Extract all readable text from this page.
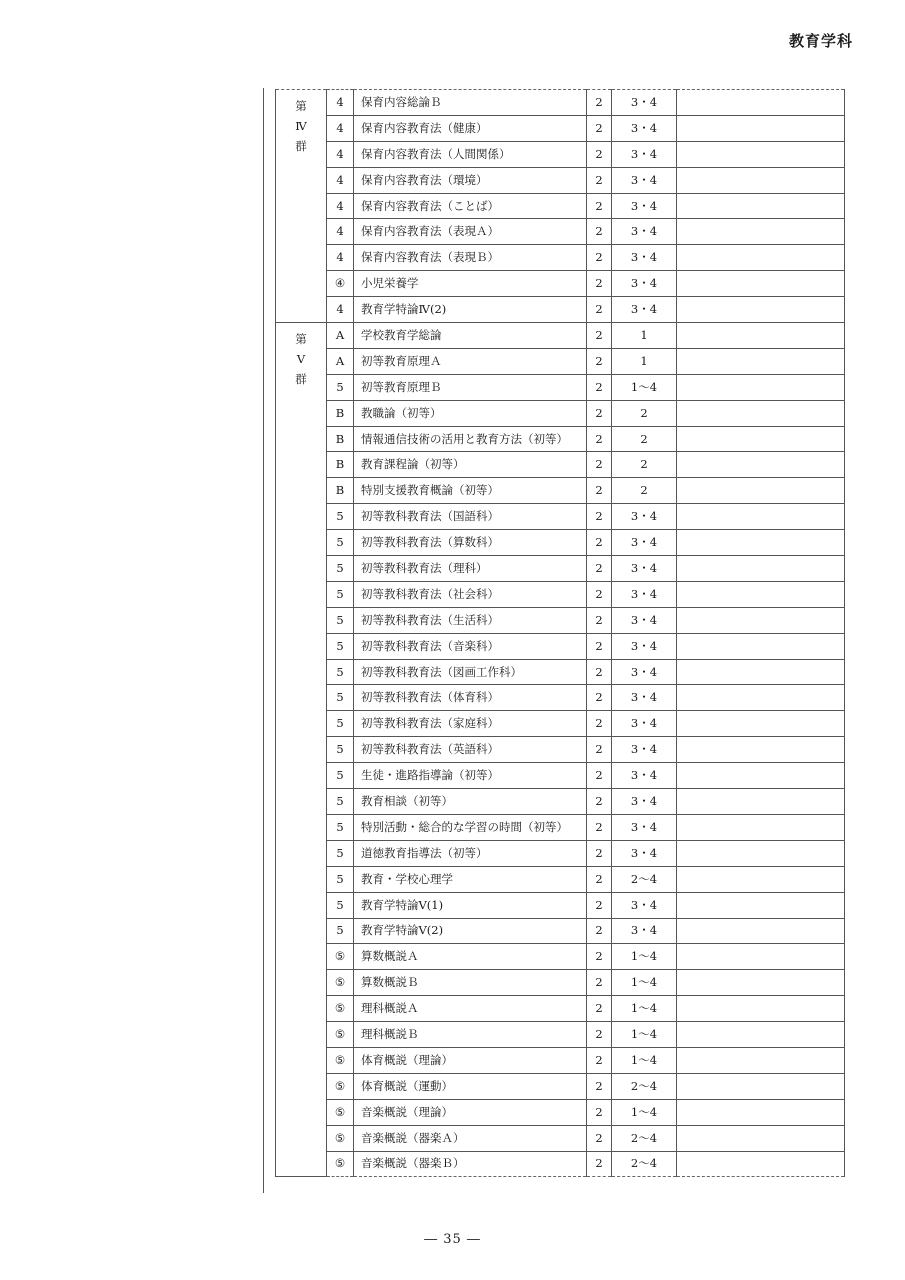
教育学科
第
Ⅳ
群	4	保育内容総論Ｂ	2	3・4	
	4	保育内容教育法（健康）	2	3・4	
	4	保育内容教育法（人間関係）	2	3・4	
	4	保育内容教育法（環境）	2	3・4	
	4	保育内容教育法（ことば）	2	3・4	
	4	保育内容教育法（表現Ａ）	2	3・4	
	4	保育内容教育法（表現Ｂ）	2	3・4	
	④	小児栄養学	2	3・4	
	4	教育学特論Ⅳ(2)	2	3・4	

第
Ⅴ
群	A	学校教育学総論	2	1	
	A	初等教育原理Ａ	2	1	
	5	初等教育原理Ｂ	2	1～4	
	B	教職論（初等）	2	2	
	B	情報通信技術の活用と教育方法（初等）	2	2	
	B	教育課程論（初等）	2	2	
	B	特別支援教育概論（初等）	2	2	
	5	初等教科教育法（国語科）	2	3・4	
	5	初等教科教育法（算数科）	2	3・4	
	5	初等教科教育法（理科）	2	3・4	
	5	初等教科教育法（社会科）	2	3・4	
	5	初等教科教育法（生活科）	2	3・4	
	5	初等教科教育法（音楽科）	2	3・4	
	5	初等教科教育法（図画工作科）	2	3・4	
	5	初等教科教育法（体育科）	2	3・4	
	5	初等教科教育法（家庭科）	2	3・4	
	5	初等教科教育法（英語科）	2	3・4	
	5	生徒・進路指導論（初等）	2	3・4	
	5	教育相談（初等）	2	3・4	
	5	特別活動・総合的な学習の時間（初等）	2	3・4	
	5	道徳教育指導法（初等）	2	3・4	
	5	教育・学校心理学	2	2～4	
	5	教育学特論Ⅴ(1)	2	3・4	
	5	教育学特論Ⅴ(2)	2	3・4	
	⑤	算数概説Ａ	2	1～4	
	⑤	算数概説Ｂ	2	1～4	
	⑤	理科概説Ａ	2	1～4	
	⑤	理科概説Ｂ	2	1～4	
	⑤	体育概説（理論）	2	1～4	
	⑤	体育概説（運動）	2	2～4	
	⑤	音楽概説（理論）	2	1～4	
	⑤	音楽概説（器楽Ａ）	2	2～4	
	⑤	音楽概説（器楽Ｂ）	2	2～4	
― 35 ―
